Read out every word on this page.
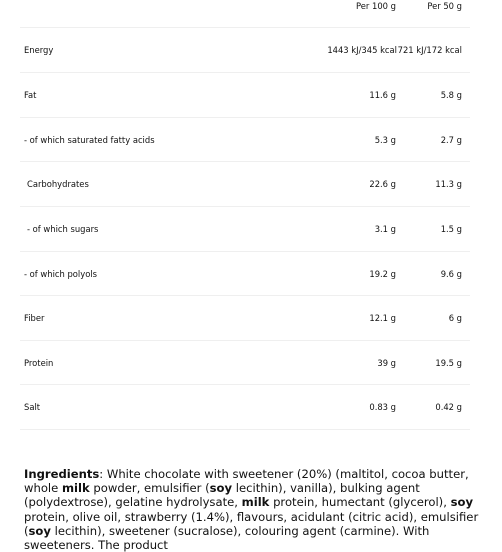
Per 100 g	Per 50 g
Energy	1443 kJ/345 kcal 721 kJ/172 kcal
Fat	11.6 g	5.8 g
- of which saturated fatty acids	5.3 g	2.7 g
Carbohydrates	22.6 g	11.3 g
- of which sugars	3.1 g	1.5 g
- of which polyols	19.2 g	9.6 g
Fiber	12.1 g	6 g
Protein	39 g	19.5 g
Salt	0.83 g	0.42 g
Ingredients: White chocolate with sweetener (20%) (maltitol, cocoa butter, whole milk powder, emulsifier (soy lecithin), vanilla), bulking agent (polydextrose), gelatine hydrolysate, milk protein, humectant (glycerol), soy protein, olive oil, strawberry (1.4%), flavours, acidulant (citric acid), emulsifier (soy lecithin), sweetener (sucralose), colouring agent (carmine). With sweeteners. The product
